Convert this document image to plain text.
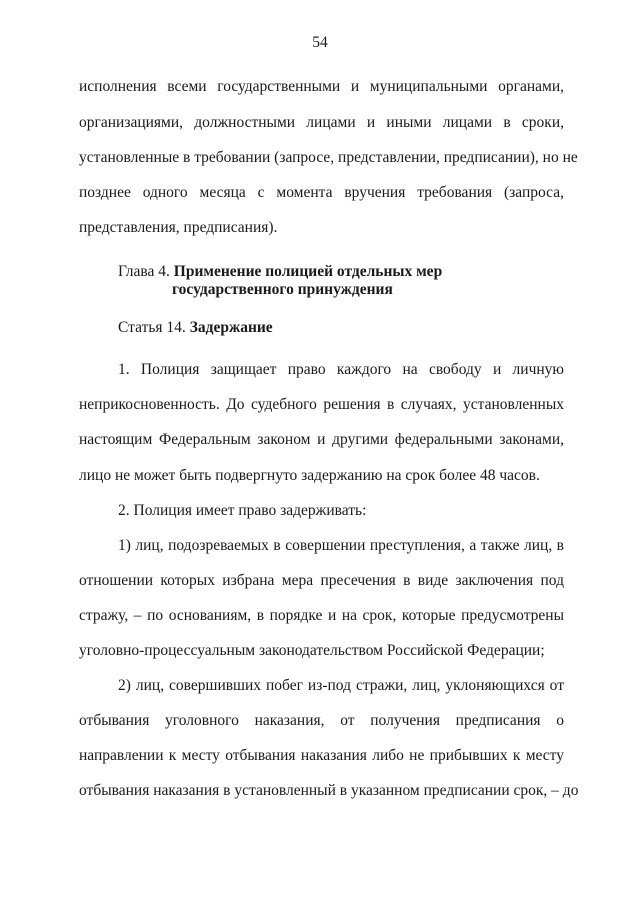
54
исполнения всеми государственными и муниципальными органами,
организациями, должностными лицами и иными лицами в сроки,
установленные в требовании (запросе, представлении, предписании), но не
позднее одного месяца с момента вручения требования (запроса,
представления, предписания).
Глава 4. Применение полицией отдельных мер
государственного принуждения
Статья 14. Задержание
1. Полиция защищает право каждого на свободу и личную
неприкосновенность. До судебного решения в случаях, установленных
настоящим Федеральным законом и другими федеральными законами,
лицо не может быть подвергнуто задержанию на срок более 48 часов.
2. Полиция имеет право задерживать:
1) лиц, подозреваемых в совершении преступления, а также лиц, в
отношении которых избрана мера пресечения в виде заключения под
стражу, – по основаниям, в порядке и на срок, которые предусмотрены
уголовно-процессуальным законодательством Российской Федерации;
2) лиц, совершивших побег из-под стражи, лиц, уклоняющихся от
отбывания уголовного наказания, от получения предписания о
направлении к месту отбывания наказания либо не прибывших к месту
отбывания наказания в установленный в указанном предписании срок, – до
